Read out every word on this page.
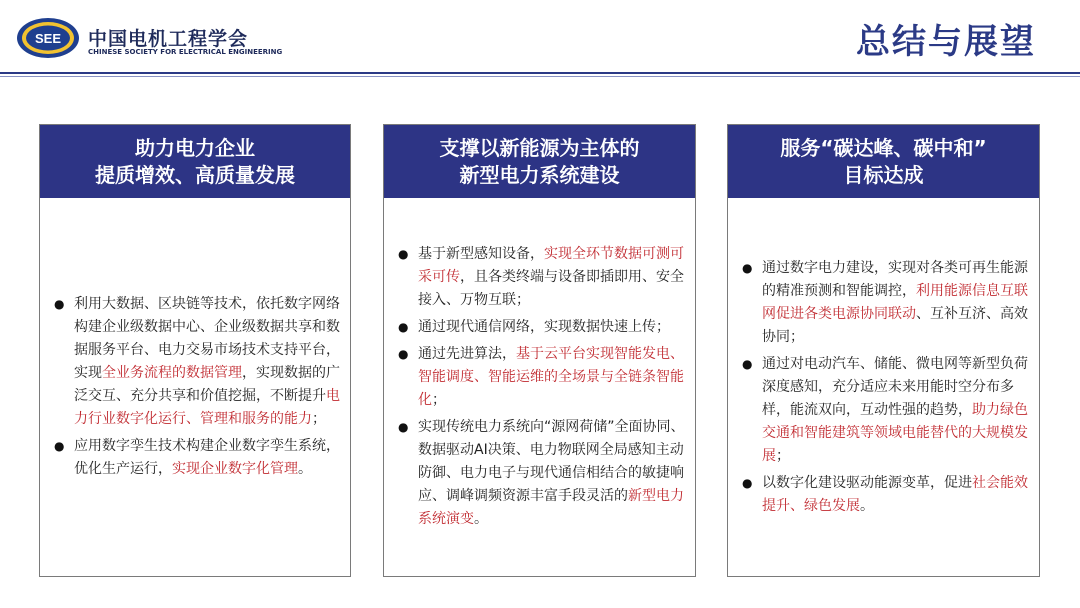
SEE 中国电机工程学会
CHINESE SOCIETY FOR ELECTRICAL ENGINEERING	总结与展望
助力电力企业
提质增效、高质量发展
● 利用大数据、区块链等技术，依托数字网络构建企业级数据中心、企业级数据共享和数据服务平台、电力交易市场技术支持平台，实现全业务流程的数据管理，实现数据的广泛交互、充分共享和价值挖掘，不断提升电力行业数字化运行、管理和服务的能力；
● 应用数字孪生技术构建企业数字孪生系统，优化生产运行，实现企业数字化管理。
支撑以新能源为主体的
新型电力系统建设
● 基于新型感知设备，实现全环节数据可测可采可传，且各类终端与设备即插即用、安全接入、万物互联；
● 通过现代通信网络，实现数据快速上传；
● 通过先进算法，基于云平台实现智能发电、智能调度、智能运维的全场景与全链条智能化；
● 实现传统电力系统向“源网荷储”全面协同、数据驱动AI决策、电力物联网全局感知主动防御、电力电子与现代通信相结合的敏捷响应、调峰调频资源丰富手段灵活的新型电力系统演变。
服务“碳达峰、碳中和”
目标达成
● 通过数字电力建设，实现对各类可再生能源的精准预测和智能调控，利用能源信息互联网促进各类电源协同联动、互补互济、高效协同；
● 通过对电动汽车、储能、微电网等新型负荷深度感知，充分适应未来用能时空分布多样，能流双向，互动性强的趋势，助力绿色交通和智能建筑等领域电能替代的大规模发展；
● 以数字化建设驱动能源变革，促进社会能效提升、绿色发展。
